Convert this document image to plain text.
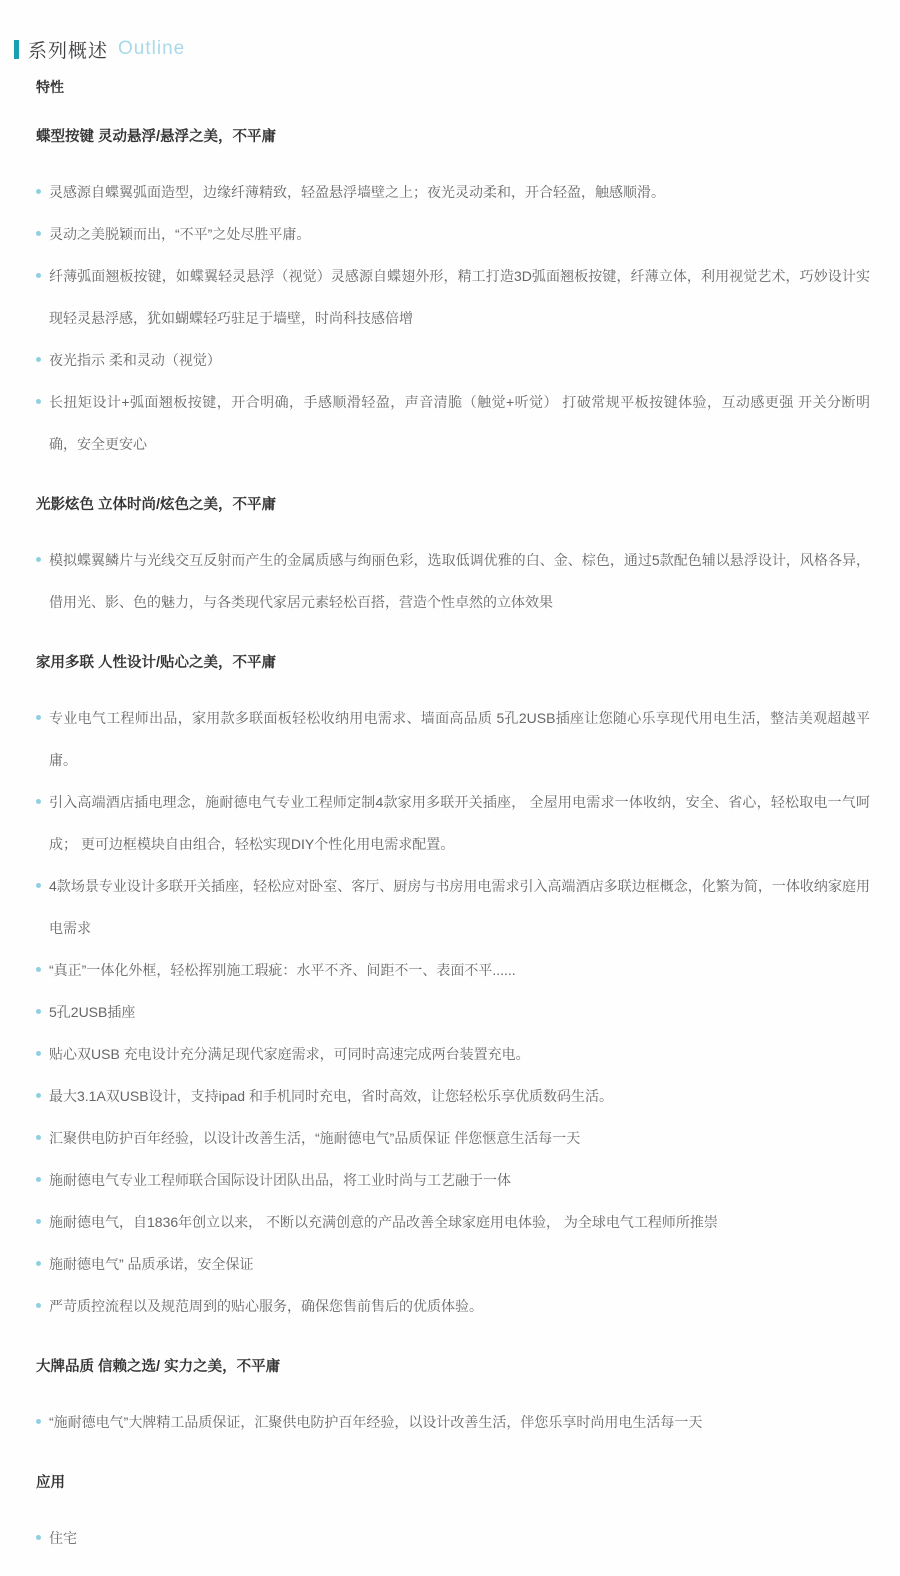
系列概述 Outline
特性
蝶型按键 灵动悬浮/悬浮之美，不平庸
灵感源自蝶翼弧面造型，边缘纤薄精致，轻盈悬浮墙壁之上；夜光灵动柔和，开合轻盈，触感顺滑。
灵动之美脱颖而出，“不平”之处尽胜平庸。
纤薄弧面翘板按键，如蝶翼轻灵悬浮（视觉）灵感源自蝶翅外形，精工打造3D弧面翘板按键，纤薄立体，利用视觉艺术，巧妙设计实现轻灵悬浮感，犹如蝴蝶轻巧驻足于墙壁，时尚科技感倍增
夜光指示 柔和灵动（视觉）
长扭矩设计+弧面翘板按键，开合明确，手感顺滑轻盈，声音清脆（触觉+听觉） 打破常规平板按键体验，互动感更强 开关分断明确，安全更安心
光影炫色 立体时尚/炫色之美，不平庸
模拟蝶翼鳞片与光线交互反射而产生的金属质感与绚丽色彩，选取低调优雅的白、金、棕色，通过5款配色辅以悬浮设计，风格各异，借用光、影、色的魅力，与各类现代家居元素轻松百搭，营造个性卓然的立体效果
家用多联 人性设计/贴心之美，不平庸
专业电气工程师出品，家用款多联面板轻松收纳用电需求、墙面高品质 5孔2USB插座让您随心乐享现代用电生活，整洁美观超越平庸。
引入高端酒店插电理念，施耐德电气专业工程师定制4款家用多联开关插座， 全屋用电需求一体收纳，安全、省心，轻松取电一气呵成； 更可边框模块自由组合，轻松实现DIY个性化用电需求配置。
4款场景专业设计多联开关插座，轻松应对卧室、客厅、厨房与书房用电需求引入高端酒店多联边框概念，化繁为简，一体收纳家庭用电需求
“真正”一体化外框，轻松挥别施工瑕疵：水平不齐、间距不一、表面不平......
5孔2USB插座
贴心双USB 充电设计充分满足现代家庭需求，可同时高速完成两台装置充电。
最大3.1A双USB设计，支持ipad 和手机同时充电，省时高效，让您轻松乐享优质数码生活。
汇聚供电防护百年经验，以设计改善生活，“施耐德电气”品质保证 伴您惬意生活每一天
施耐德电气专业工程师联合国际设计团队出品，将工业时尚与工艺融于一体
施耐德电气，自1836年创立以来， 不断以充满创意的产品改善全球家庭用电体验， 为全球电气工程师所推崇
施耐德电气” 品质承诺，安全保证
严苛质控流程以及规范周到的贴心服务，确保您售前售后的优质体验。
大牌品质 信赖之选/ 实力之美，不平庸
“施耐德电气”大牌精工品质保证，汇聚供电防护百年经验，以设计改善生活，伴您乐享时尚用电生活每一天
应用
住宅
